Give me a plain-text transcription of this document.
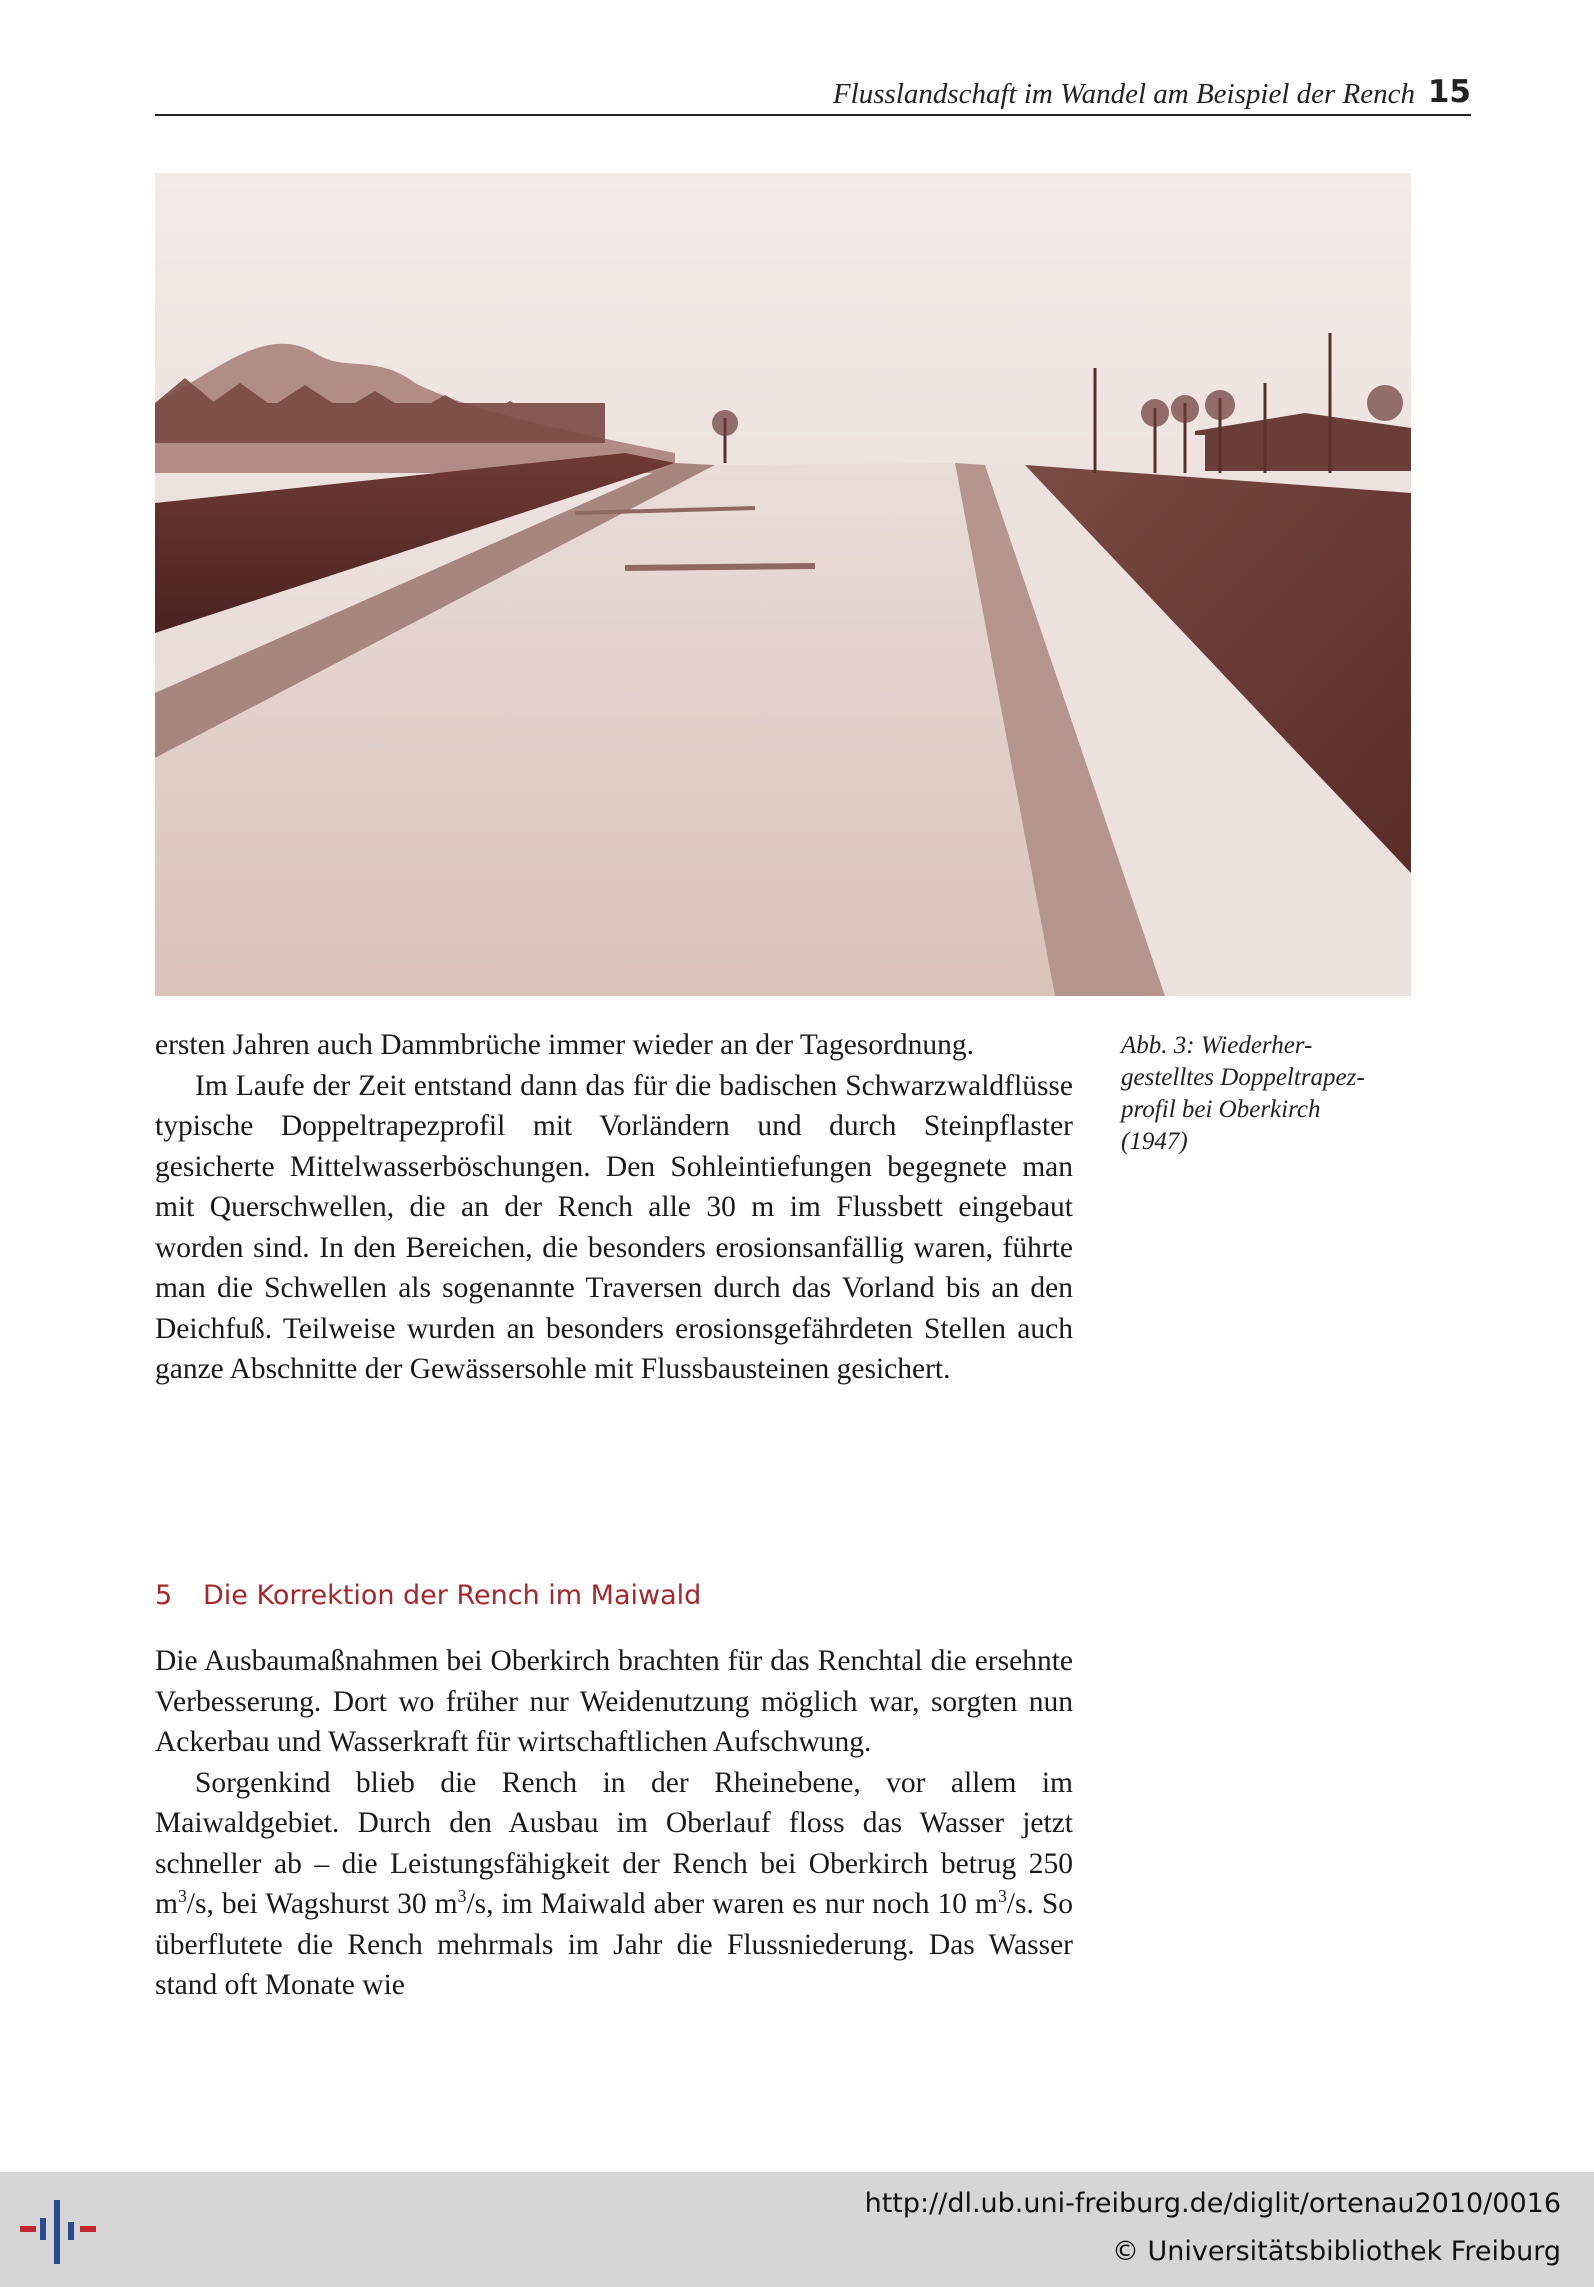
Flusslandschaft im Wandel am Beispiel der Rench 15

ersten Jahren auch Dammbrüche immer wieder an der Tagesordnung.

Im Laufe der Zeit entstand dann das für die badischen Schwarzwaldflüsse typische Doppeltrapezprofil mit Vorländern und durch Steinpflaster gesicherte Mittelwasserböschungen. Den Sohleintiefungen begegnete man mit Querschwellen, die an der Rench alle 30 m im Flussbett eingebaut worden sind. In den Bereichen, die besonders erosionsanfällig waren, führte man die Schwellen als sogenannte Traversen durch das Vorland bis an den Deichfuß. Teilweise wurden an besonders erosionsgefährdeten Stellen auch ganze Abschnitte der Gewässersohle mit Flussbausteinen gesichert.

Abb. 3: Wiederher-
gestelltes Doppeltrapez-
profil bei Oberkirch
(1947)
5 Die Korrektion der Rench im Maiwald

Die Ausbaumaßnahmen bei Oberkirch brachten für das Renchtal die ersehnte Verbesserung. Dort wo früher nur Weidenutzung möglich war, sorgten nun Ackerbau und Wasserkraft für wirtschaftlichen Aufschwung.

Sorgenkind blieb die Rench in der Rheinebene, vor allem im Maiwaldgebiet. Durch den Ausbau im Oberlauf floss das Wasser jetzt schneller ab – die Leistungsfähigkeit der Rench bei Oberkirch betrug 250 $m^3/s$, bei Wagshurst 30 $m^3/s$, im Maiwald aber waren es nur noch 10 $m^3/s$. So überflutete die Rench mehrmals im Jahr die Flussniederung. Das Wasser stand oft Monate wie

http://dl.ub.uni-freiburg.de/diglit/ortenau2010/0016
© Universitätsbibliothek Freiburg
